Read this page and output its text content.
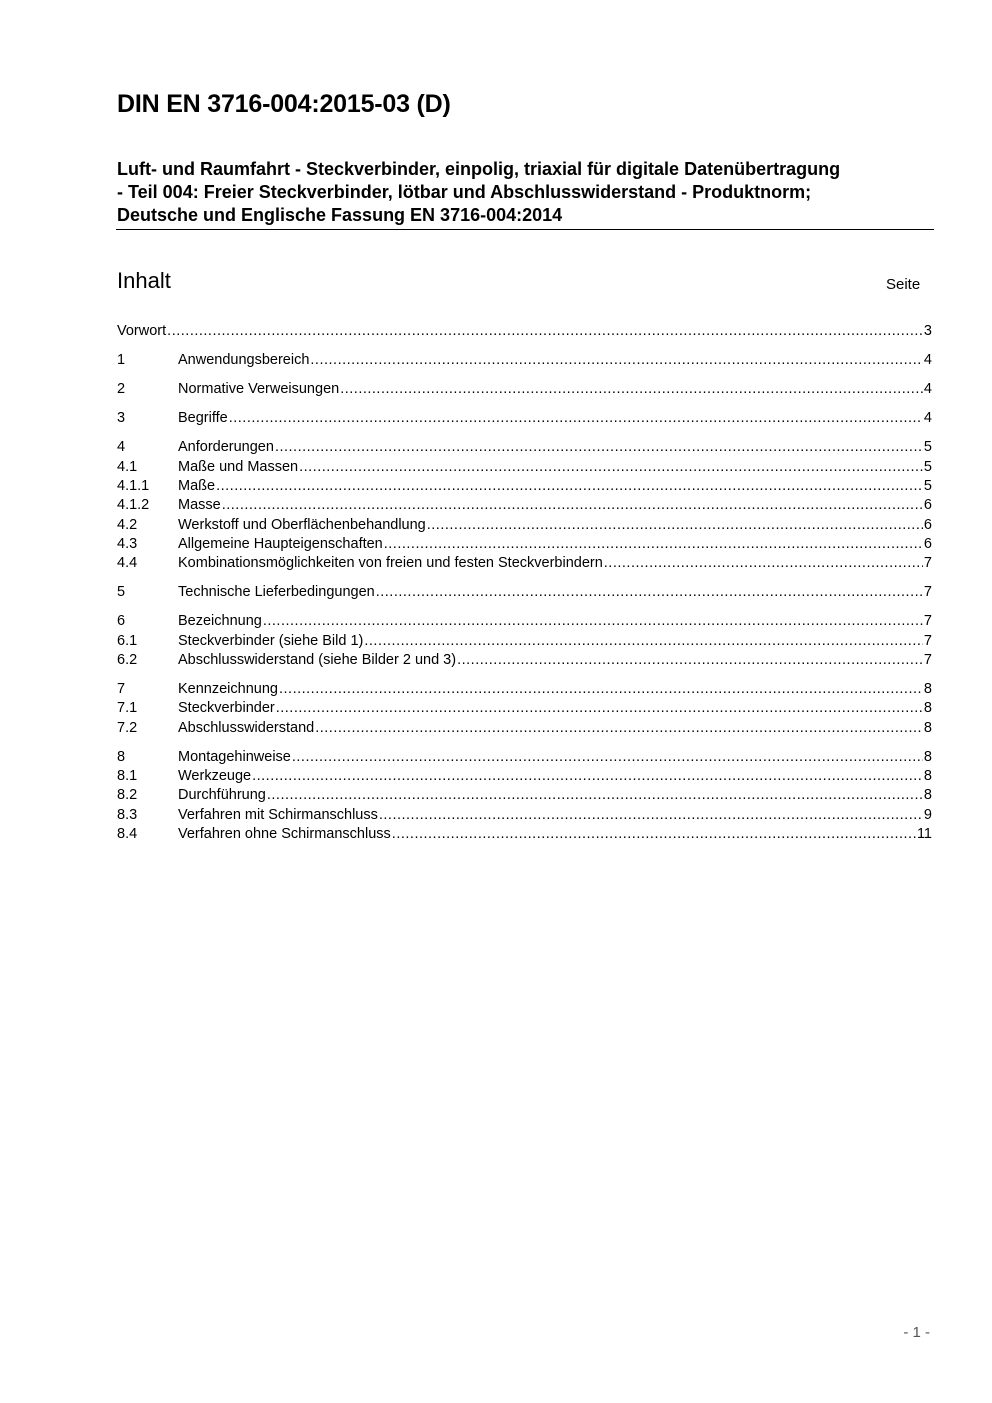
DIN EN 3716-004:2015-03 (D)
Luft- und Raumfahrt - Steckverbinder, einpolig, triaxial für digitale Datenübertragung
- Teil 004: Freier Steckverbinder, lötbar und Abschlusswiderstand - Produktnorm;
Deutsche und Englische Fassung EN 3716-004:2014
Inhalt	Seite
Vorwort .....	3
1	Anwendungsbereich .....	4
2	Normative Verweisungen .....	4
3	Begriffe .....	4
4	Anforderungen .....	5
4.1	Maße und Massen .....	5
4.1.1	Maße .....	5
4.1.2	Masse .....	6
4.2	Werkstoff und Oberflächenbehandlung .....	6
4.3	Allgemeine Haupteigenschaften .....	6
4.4	Kombinationsmöglichkeiten von freien und festen Steckverbindern .....	7
5	Technische Lieferbedingungen .....	7
6	Bezeichnung .....	7
6.1	Steckverbinder (siehe Bild 1) .....	7
6.2	Abschlusswiderstand (siehe Bilder 2 und 3) .....	7
7	Kennzeichnung .....	8
7.1	Steckverbinder .....	8
7.2	Abschlusswiderstand .....	8
8	Montagehinweise .....	8
8.1	Werkzeuge .....	8
8.2	Durchführung .....	8
8.3	Verfahren mit Schirmanschluss .....	9
8.4	Verfahren ohne Schirmanschluss .....	11
- 1 -
